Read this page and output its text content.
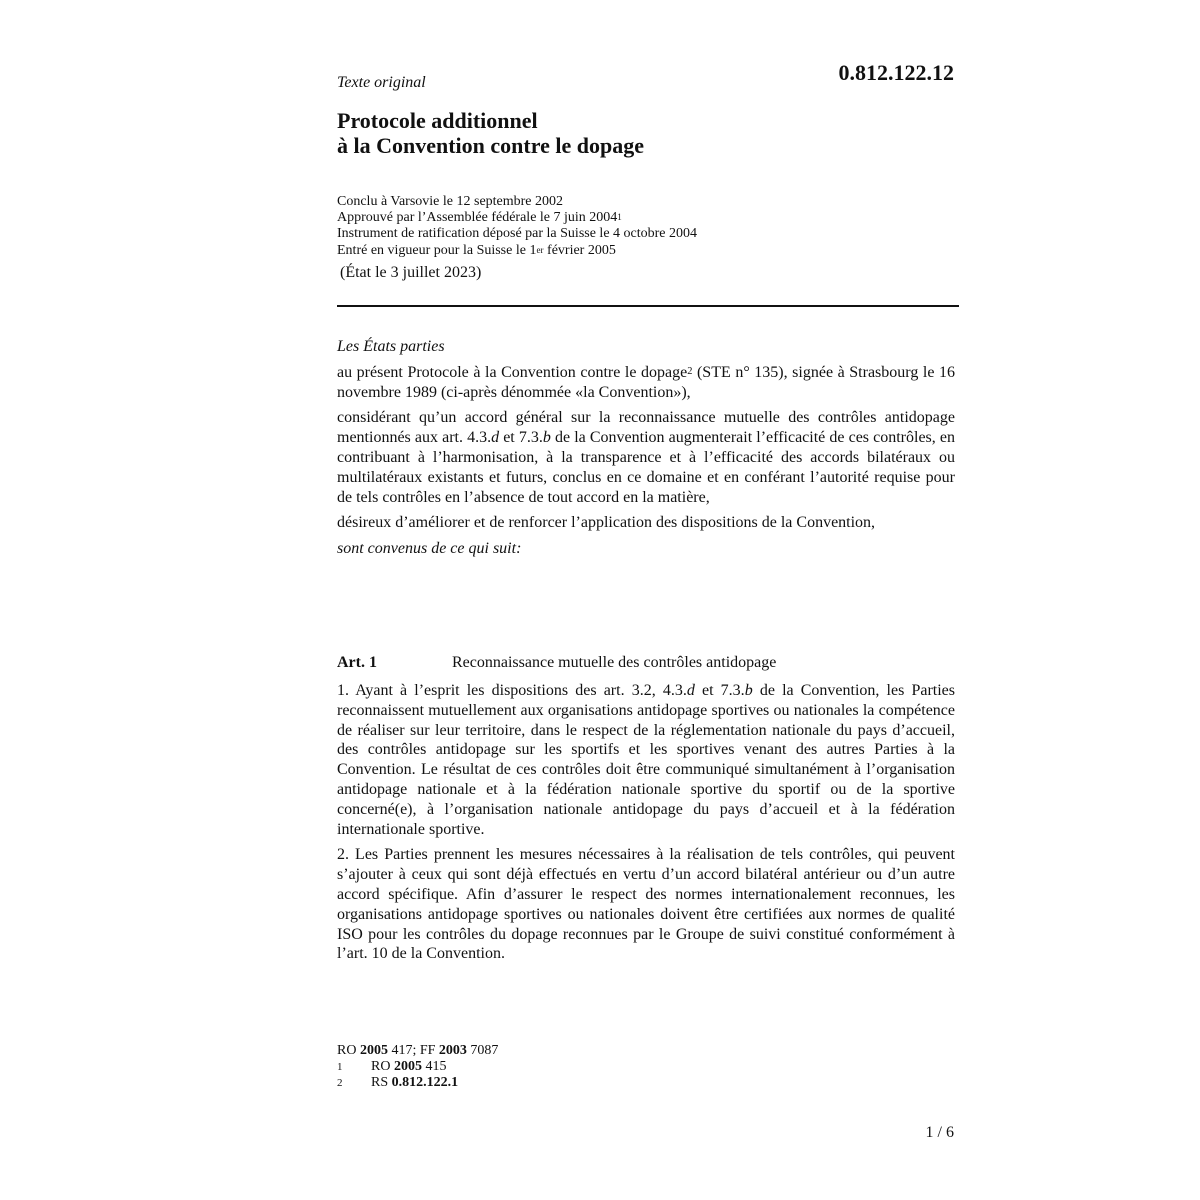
Texte original	0.812.122.12
Protocole additionnel
à la Convention contre le dopage
Conclu à Varsovie le 12 septembre 2002
Approuvé par l’Assemblée fédérale le 7 juin 2004$^1$
Instrument de ratification déposé par la Suisse le 4 octobre 2004
Entré en vigueur pour la Suisse le 1er février 2005
(État le 3 juillet 2023)

Les États parties

au présent Protocole à la Convention contre le dopage$^2$ (STE n° 135), signée à Strasbourg le 16 novembre 1989 (ci-après dénommée «la Convention»),

considérant qu’un accord général sur la reconnaissance mutuelle des contrôles antidopage mentionnés aux art. 4.3.d et 7.3.b de la Convention augmenterait l’efficacité de ces contrôles, en contribuant à l’harmonisation, à la transparence et à l’efficacité des accords bilatéraux ou multilatéraux existants et futurs, conclus en ce domaine et en conférant l’autorité requise pour de tels contrôles en l’absence de tout accord en la matière,

désireux d’améliorer et de renforcer l’application des dispositions de la Convention,

sont convenus de ce qui suit:

Art. 1	Reconnaissance mutuelle des contrôles antidopage

1. Ayant à l’esprit les dispositions des art. 3.2, 4.3.d et 7.3.b de la Convention, les Parties reconnaissent mutuellement aux organisations antidopage sportives ou nationales la compétence de réaliser sur leur territoire, dans le respect de la réglementation nationale du pays d’accueil, des contrôles antidopage sur les sportifs et les sportives venant des autres Parties à la Convention. Le résultat de ces contrôles doit être communiqué simultanément à l’organisation antidopage nationale et à la fédération nationale sportive du sportif ou de la sportive concerné(e), à l’organisation nationale antidopage du pays d’accueil et à la fédération internationale sportive.

2. Les Parties prennent les mesures nécessaires à la réalisation de tels contrôles, qui peuvent s’ajouter à ceux qui sont déjà effectués en vertu d’un accord bilatéral antérieur ou d’un autre accord spécifique. Afin d’assurer le respect des normes internationalement reconnues, les organisations antidopage sportives ou nationales doivent être certifiées aux normes de qualité ISO pour les contrôles du dopage reconnues par le Groupe de suivi constitué conformément à l’art. 10 de la Convention.

RO 2005 417; FF 2003 7087
1	RO 2005 415
2	RS 0.812.122.1
1 / 6
